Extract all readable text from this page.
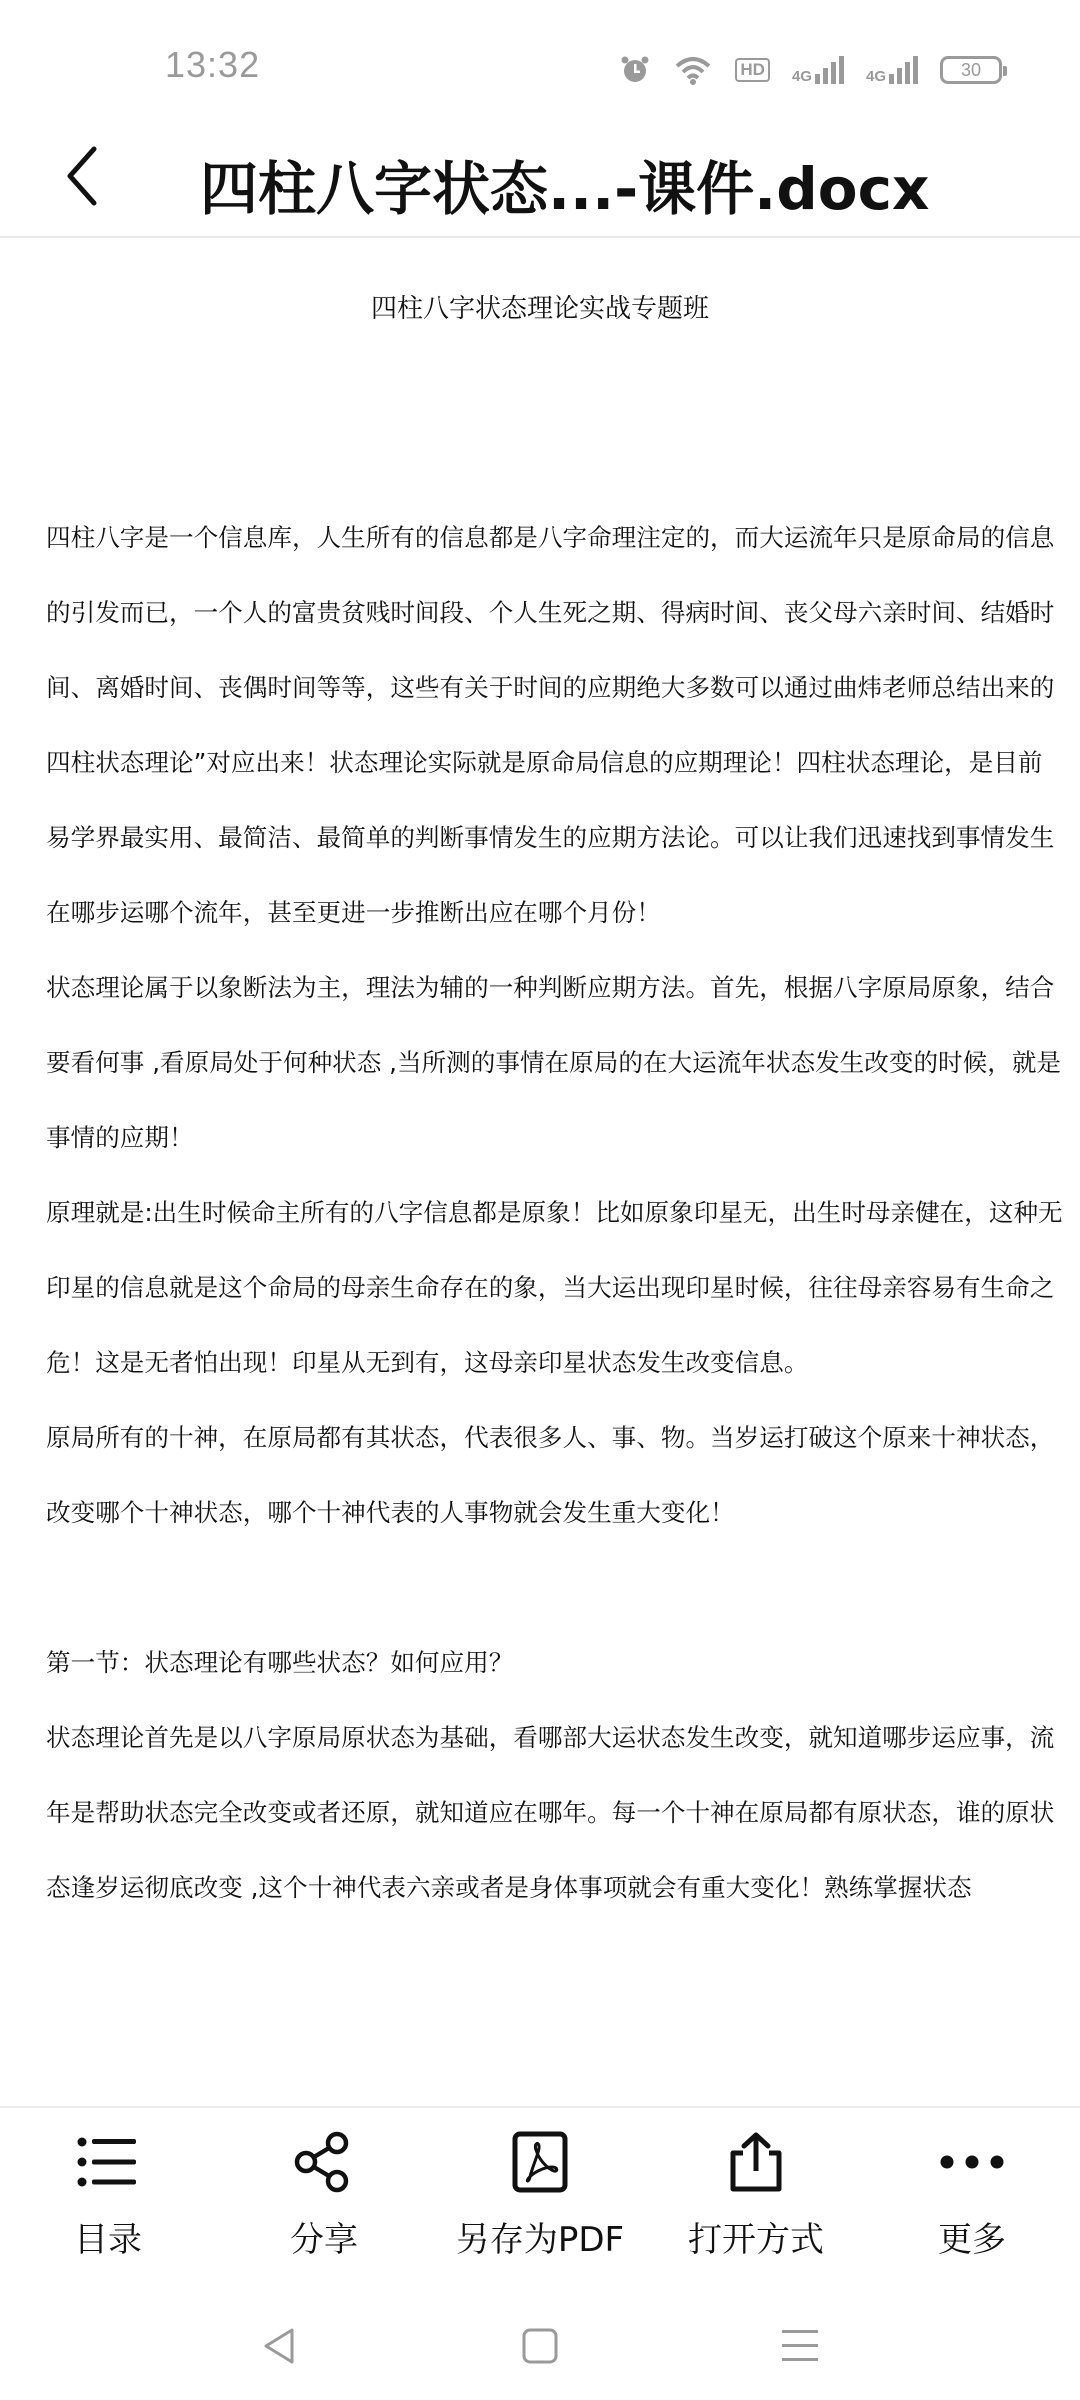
13:32	HD	4G	4G	30
四柱八字状态...-课件.docx
四柱八字状态理论实战专题班

四柱八字是一个信息库，人生所有的信息都是八字命理注定的，而大运流年只是原命局的信息的引发而已，一个人的富贵贫贱时间段、个人生死之期、得病时间、丧父母六亲时间、结婚时间、离婚时间、丧偶时间等等，这些有关于时间的应期绝大多数可以通过曲炜老师总结出来的四柱状态理论”对应出来！状态理论实际就是原命局信息的应期理论！四柱状态理论，是目前易学界最实用、最简洁、最简单的判断事情发生的应期方法论。可以让我们迅速找到事情发生在哪步运哪个流年，甚至更进一步推断出应在哪个月份！

状态理论属于以象断法为主，理法为辅的一种判断应期方法。首先，根据八字原局原象，结合要看何事 ,看原局处于何种状态 ,当所测的事情在原局的在大运流年状态发生改变的时候，就是事情的应期！

原理就是:出生时候命主所有的八字信息都是原象！比如原象印星无，出生时母亲健在，这种无印星的信息就是这个命局的母亲生命存在的象，当大运出现印星时候，往往母亲容易有生命之危！这是无者怕出现！印星从无到有，这母亲印星状态发生改变信息。

原局所有的十神，在原局都有其状态，代表很多人、事、物。当岁运打破这个原来十神状态，改变哪个十神状态，哪个十神代表的人事物就会发生重大变化！

第一节：状态理论有哪些状态？如何应用？

状态理论首先是以八字原局原状态为基础，看哪部大运状态发生改变，就知道哪步运应事，流年是帮助状态完全改变或者还原，就知道应在哪年。每一个十神在原局都有原状态，谁的原状态逢岁运彻底改变 ,这个十神代表六亲或者是身体事项就会有重大变化！熟练掌握状态

目录	分享	另存为PDF	打开方式	更多
